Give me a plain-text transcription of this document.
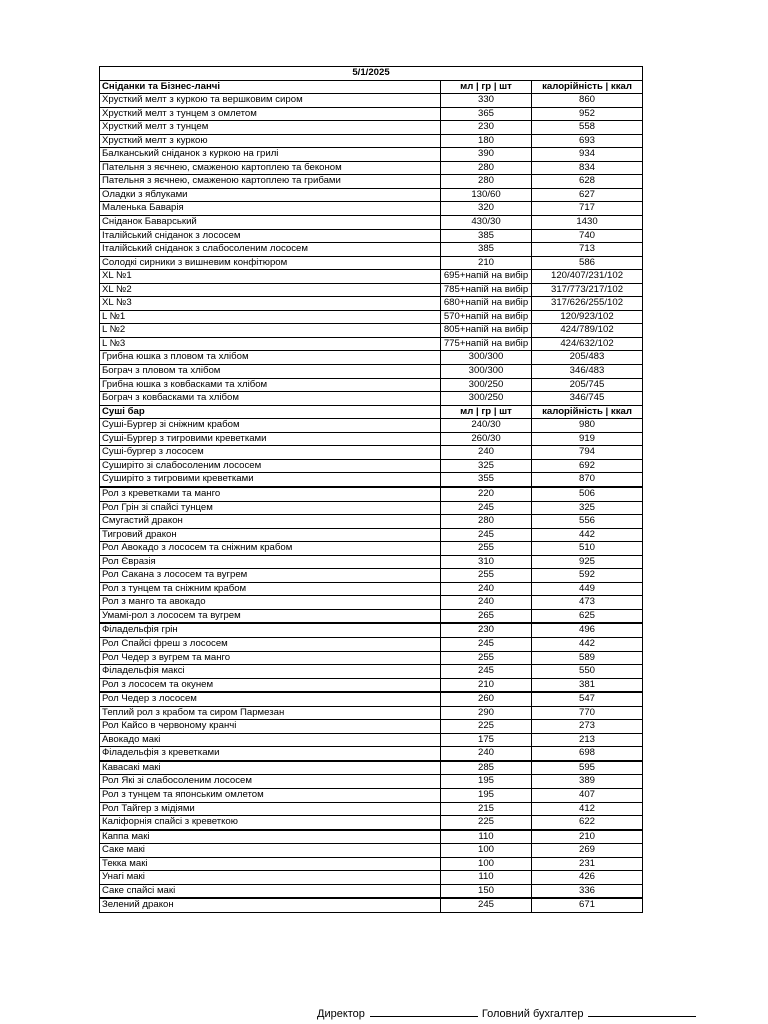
5/1/2025		
Сніданки та Бізнес-ланчі	мл | гр | шт	калорійність | ккал
Хрусткий мелт з куркою та вершковим сиром	330	860
Хрусткий мелт з тунцем з омлетом	365	952
Хрусткий мелт з тунцем	230	558
Хрусткий мелт з куркою	180	693
Балканський сніданок з куркою на грилі	390	934
Пательня з яєчнею, смаженою картоплею та беконом	280	834
Пательня з яєчнею, смаженою картоплею та грибами	280	628
Оладки з яблуками	130/60	627
Маленька Баварія	320	717
Сніданок Баварський	430/30	1430
Італійський сніданок з лососем	385	740
Італійський сніданок з слабосоленим лососем	385	713
Солодкі сирники з вишневим конфітюром	210	586
XL №1	695+напій на вибір	120/407/231/102
XL №2	785+напій на вибір	317/773/217/102
XL №3	680+напій на вибір	317/626/255/102
L №1	570+напій на вибір	120/923/102
L №2	805+напій на вибір	424/789/102
L №3	775+напій на вибір	424/632/102
Грибна юшка з пловом та хлібом	300/300	205/483
Бограч з пловом та хлібом	300/300	346/483
Грибна юшка з ковбасками та хлібом	300/250	205/745
Бограч з ковбасками та хлібом	300/250	346/745
Суші бар	мл | гр | шт	калорійність | ккал
Суші-Бургер зі сніжним крабом	240/30	980
Суші-Бургер з тигровими креветками	260/30	919
Суші-бургер з лососем	240	794
Суширіто зі слабосоленим лососем	325	692
Суширіто з тигровими креветками	355	870
Рол з креветками та манго	220	506
Рол Грін зі спайсі тунцем	245	325
Смугастий дракон	280	556
Тигровий дракон	245	442
Рол Авокадо з лососем та сніжним крабом	255	510
Рол Євразія	310	925
Рол Сакана з лососем та вугрем	255	592
Рол з тунцем та сніжним крабом	240	449
Рол з манго та авокадо	240	473
Умамі-рол з лососем та вугрем	265	625
Філадельфія грін	230	496
Рол Спайсі фреш з лососем	245	442
Рол Чедер з вугрем та манго	255	589
Філадельфія максі	245	550
Рол з лососем та окунем	210	381
Рол Чедер з лососем	260	547
Теплий рол з крабом та сиром Пармезан	290	770
Рол Кайсо в червоному кранчі	225	273
Авокадо макі	175	213
Філадельфія з креветками	240	698
Кавасакі макі	285	595
Рол Які зі слабосоленим лососем	195	389
Рол з тунцем та японським омлетом	195	407
Рол Тайгер з мідіями	215	412
Каліфорнія спайсі з креветкою	225	622
Каппа макі	110	210
Саке макі	100	269
Текка макі	100	231
Унагі макі	110	426
Саке спайсі макі	150	336
Зелений дракон	245	671
Директор	Головний бухгалтер
